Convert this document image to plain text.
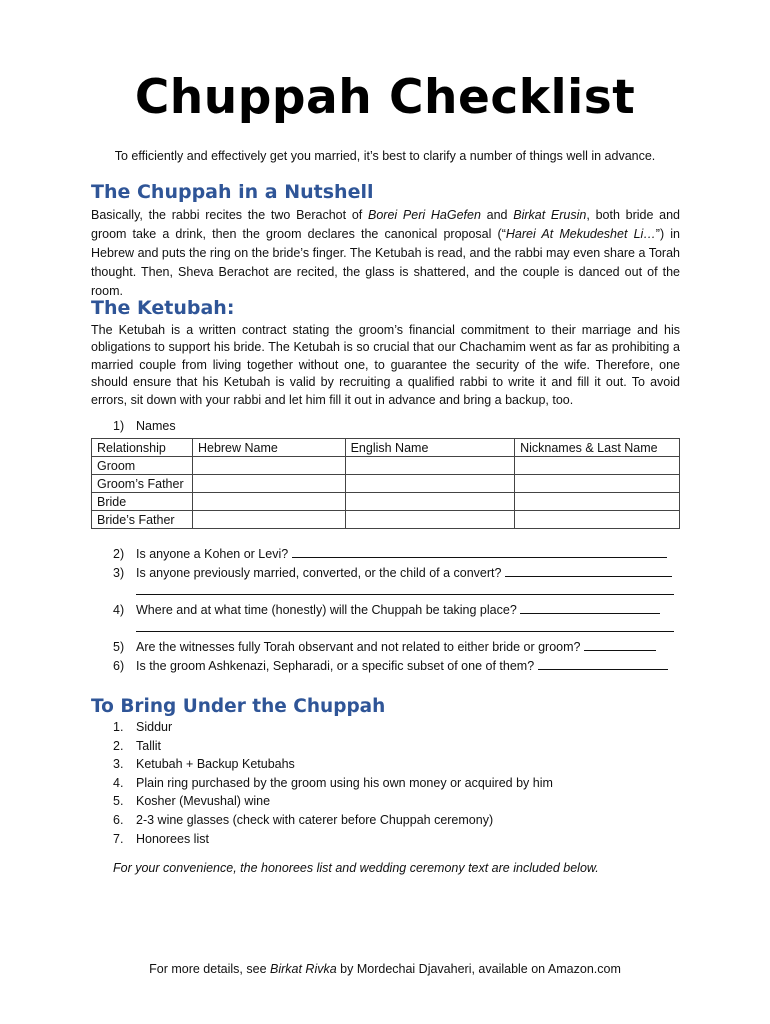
Chuppah Checklist
To efficiently and effectively get you married, it’s best to clarify a number of things well in advance.
The Chuppah in a Nutshell

Basically, the rabbi recites the two Berachot of Borei Peri HaGefen and Birkat Erusin, both bride and groom take a drink, then the groom declares the canonical proposal (“Harei At Mekudeshet Li…”) in Hebrew and puts the ring on the bride’s finger. The Ketubah is read, and the rabbi may even share a Torah thought. Then, Sheva Berachot are recited, the glass is shattered, and the couple is danced out of the room.

The Ketubah:

The Ketubah is a written contract stating the groom’s financial commitment to their marriage and his obligations to support his bride. The Ketubah is so crucial that our Chachamim went as far as prohibiting a married couple from living together without one, to guarantee the security of the wife. Therefore, one should ensure that his Ketubah is valid by recruiting a qualified rabbi to write it and fill it out. To avoid errors, sit down with your rabbi and let him fill it out in advance and bring a backup, too.

1) Names
Relationship	Hebrew Name	English Name	Nicknames & Last Name
Groom			
Groom’s Father			
Bride			
Bride’s Father			
2) Is anyone a Kohen or Levi?
3) Is anyone previously married, converted, or the child of a convert?
4) Where and at what time (honestly) will the Chuppah be taking place?
5) Are the witnesses fully Torah observant and not related to either bride or groom?
6) Is the groom Ashkenazi, Sepharadi, or a specific subset of one of them?
To Bring Under the Chuppah
1. Siddur
2. Tallit
3. Ketubah + Backup Ketubahs
4. Plain ring purchased by the groom using his own money or acquired by him
5. Kosher (Mevushal) wine
6. 2-3 wine glasses (check with caterer before Chuppah ceremony)
7. Honorees list
For your convenience, the honorees list and wedding ceremony text are included below.
For more details, see Birkat Rivka by Mordechai Djavaheri, available on Amazon.com
